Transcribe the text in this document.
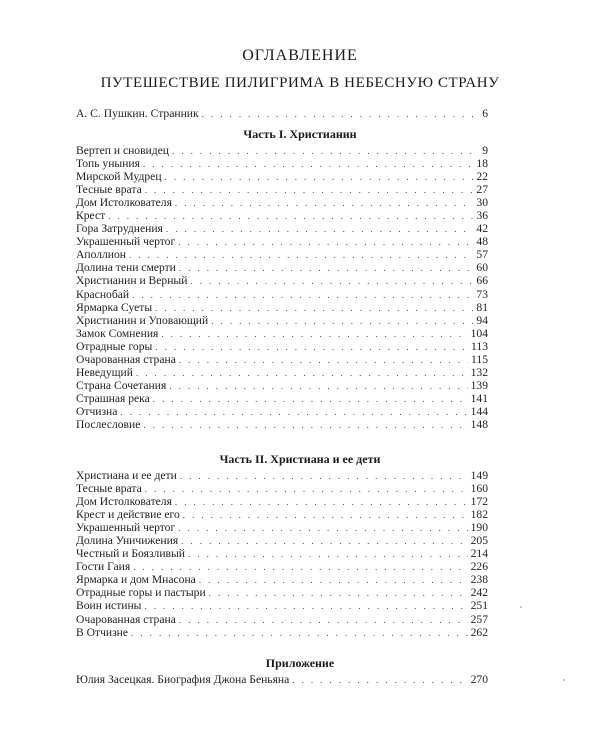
ОГЛАВЛЕНИЕ
ПУТЕШЕСТВИЕ ПИЛИГРИМА В НЕБЕСНУЮ СТРАНУ
А. С. Пушкин. Странник . . .	6
Часть I. Христианин
Вертеп и сновидец . . .	9
Топь уныния . . .	18
Мирской Мудрец . . .	22
Тесные врата . . .	27
Дом Истолкователя . . .	30
Крест . . .	36
Гора Затруднения . . .	42
Украшенный чертог . . .	48
Аполлион . . .	57
Долина тени смерти . . .	60
Христианин и Верный . . .	66
Краснобай . . .	73
Ярмарка Суеты . . .	81
Христианин и Уповающий . . .	94
Замок Сомнения . . .	104
Отрадные горы . . .	113
Очарованная страна . . .	115
Неведущий . . .	132
Страна Сочетания . . .	139
Страшная река . . .	141
Отчизна . . .	144
Послесловие . . .	148
Часть II. Христиана и ее дети
Христиана и ее дети . . .	149
Тесные врата . . .	160
Дом Истолкователя . . .	172
Крест и действие его . . .	182
Украшенный чертог . . .	190
Долина Уничижения . . .	205
Честный и Боязливый . . .	214
Гости Гаия . . .	226
Ярмарка и дом Мнасона . . .	238
Отрадные горы и пастыри . . .	242
Воин истины . . .	251
Очарованная страна . . .	257
В Отчизне . . .	262
Приложение
Юлия Засецкая. Биография Джона Беньяна . . .	270
